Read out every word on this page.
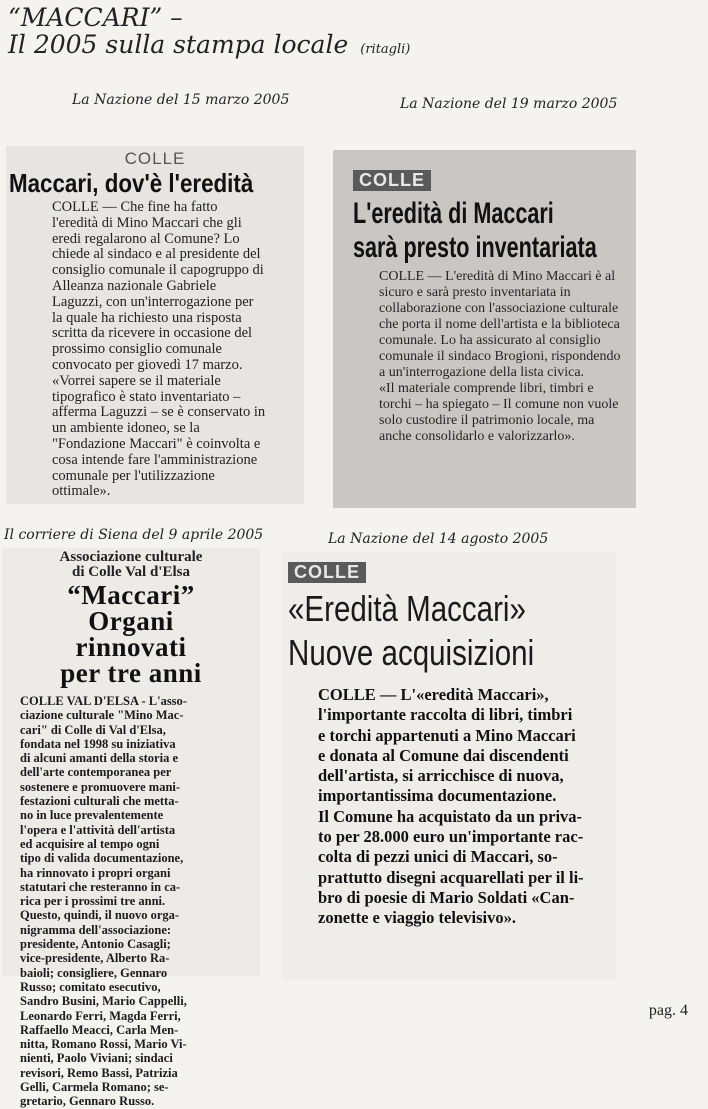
“MACCARI” –
Il 2005 sulla stampa locale (ritagli)
La Nazione del 15 marzo 2005	La Nazione del 19 marzo 2005
Il corriere di Siena del 9 aprile 2005	La Nazione del 14 agosto 2005
COLLE
Maccari, dov'è l'eredità
COLLE — Che fine ha fatto
l'eredità di Mino Maccari che gli
eredi regalarono al Comune? Lo
chiede al sindaco e al presidente del
consiglio comunale il capogruppo di
Alleanza nazionale Gabriele
Laguzzi, con un'interrogazione per
la quale ha richiesto una risposta
scritta da ricevere in occasione del
prossimo consiglio comunale
convocato per giovedì 17 marzo.
«Vorrei sapere se il materiale
tipografico è stato inventariato –
afferma Laguzzi – se è conservato in
un ambiente idoneo, se la
"Fondazione Maccari" è coinvolta e
cosa intende fare l'amministrazione
comunale per l'utilizzazione
ottimale».
COLLE
L'eredità di Maccari
sarà presto inventariata
COLLE — L'eredità di Mino Maccari è al
sicuro e sarà presto inventariata in
collaborazione con l'associazione culturale
che porta il nome dell'artista e la biblioteca
comunale. Lo ha assicurato al consiglio
comunale il sindaco Brogioni, rispondendo
a un'interrogazione della lista civica.
«Il materiale comprende libri, timbri e
torchi – ha spiegato – Il comune non vuole
solo custodire il patrimonio locale, ma
anche consolidarlo e valorizzarlo».
Associazione culturale
di Colle Val d'Elsa
“Maccari”
Organi
rinnovati
per tre anni
COLLE VAL D'ELSA - L'asso-
ciazione culturale "Mino Mac-
cari" di Colle di Val d'Elsa,
fondata nel 1998 su iniziativa
di alcuni amanti della storia e
dell'arte contemporanea per
sostenere e promuovere mani-
festazioni culturali che metta-
no in luce prevalentemente
l'opera e l'attività dell'artista
ed acquisire al tempo ogni
tipo di valida documentazione,
ha rinnovato i propri organi
statutari che resteranno in ca-
rica per i prossimi tre anni.
Questo, quindi, il nuovo orga-
nigramma dell'associazione:
presidente, Antonio Casagli;
vice-presidente, Alberto Ra-
baioli; consigliere, Gennaro
Russo; comitato esecutivo,
Sandro Busini, Mario Cappelli,
Leonardo Ferri, Magda Ferri,
Raffaello Meacci, Carla Men-
nitta, Romano Rossi, Mario Vi-
nienti, Paolo Viviani; sindaci
revisori, Remo Bassi, Patrizia
Gelli, Carmela Romano; se-
gretario, Gennaro Russo.
COLLE
«Eredità Maccari»
Nuove acquisizioni
COLLE — L'«eredità Maccari»,
l'importante raccolta di libri, timbri
e torchi appartenuti a Mino Maccari
e donata al Comune dai discendenti
dell'artista, si arricchisce di nuova,
importantissima documentazione.
Il Comune ha acquistato da un priva-
to per 28.000 euro un'importante rac-
colta di pezzi unici di Maccari, so-
prattutto disegni acquarellati per il li-
bro di poesie di Mario Soldati «Can-
zonette e viaggio televisivo».
pag. 4
